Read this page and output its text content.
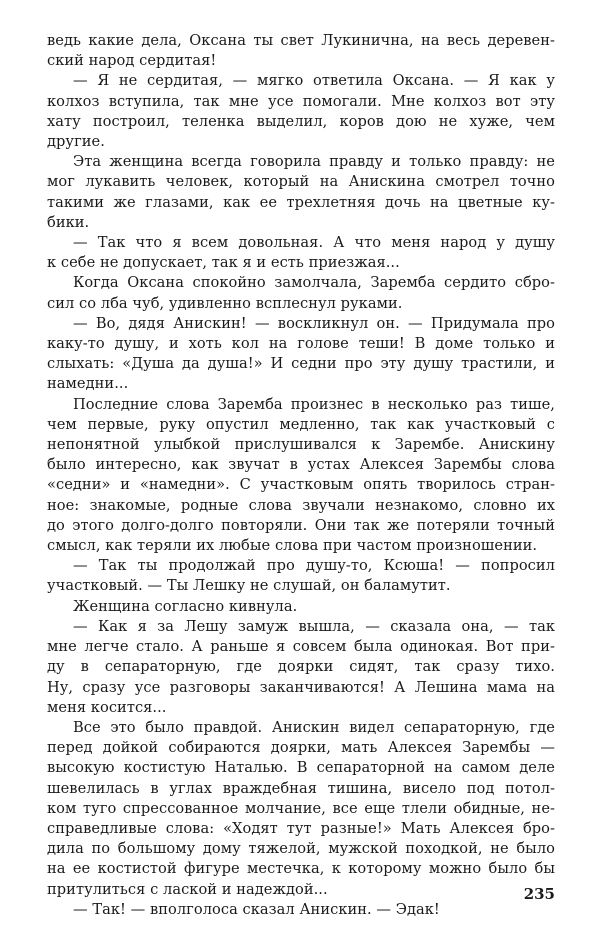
ведь какие дела, Оксана ты свет Лукинична, на весь деревен-
ский народ сердитая!
— Я не сердитая, — мягко ответила Оксана. — Я как у
колхоз вступила, так мне усе помогали. Мне колхоз вот эту
хату построил, теленка выделил, коров дою не хуже, чем
другие.
Эта женщина всегда говорила правду и только правду: не
мог лукавить человек, который на Анискина смотрел точно
такими же глазами, как ее трехлетняя дочь на цветные ку-
бики.
— Так что я всем довольная. А что меня народ у душу
к себе не допускает, так я и есть приезжая...
Когда Оксана спокойно замолчала, Заремба сердито сбро-
сил со лба чуб, удивленно всплеснул руками.
— Во, дядя Анискин! — воскликнул он. — Придумала про
каку-то душу, и хоть кол на голове теши! В доме только и
слыхать: «Душа да душа!» И седни про эту душу трастили, и
намедни...
Последние слова Заремба произнес в несколько раз тише,
чем первые, руку опустил медленно, так как участковый с
непонятной улыбкой прислушивался к Зарембе. Анискину
было интересно, как звучат в устах Алексея Зарембы слова
«седни» и «намедни». С участковым опять творилось стран-
ное: знакомые, родные слова звучали незнакомо, словно их
до этого долго-долго повторяли. Они так же потеряли точный
смысл, как теряли их любые слова при частом произношении.
— Так ты продолжай про душу-то, Ксюша! — попросил
участковый. — Ты Лешку не слушай, он баламутит.
Женщина согласно кивнула.
— Как я за Лешу замуж вышла, — сказала она, — так
мне легче стало. А раньше я совсем была одинокая. Вот при-
ду в сепараторную, где доярки сидят, так сразу тихо.
Ну, сразу усе разговоры заканчиваются! А Лешина мама на
меня косится...
Все это было правдой. Анискин видел сепараторную, где
перед дойкой собираются доярки, мать Алексея Зарембы —
высокую костистую Наталью. В сепараторной на самом деле
шевелилась в углах враждебная тишина, висело под потол-
ком туго спрессованное молчание, все еще тлели обидные, не-
справедливые слова: «Ходят тут разные!» Мать Алексея бро-
дила по большому дому тяжелой, мужской походкой, не было
на ее костистой фигуре местечка, к которому можно было бы
притулиться с лаской и надеждой...
— Так! — вполголоса сказал Анискин. — Эдак!
235
